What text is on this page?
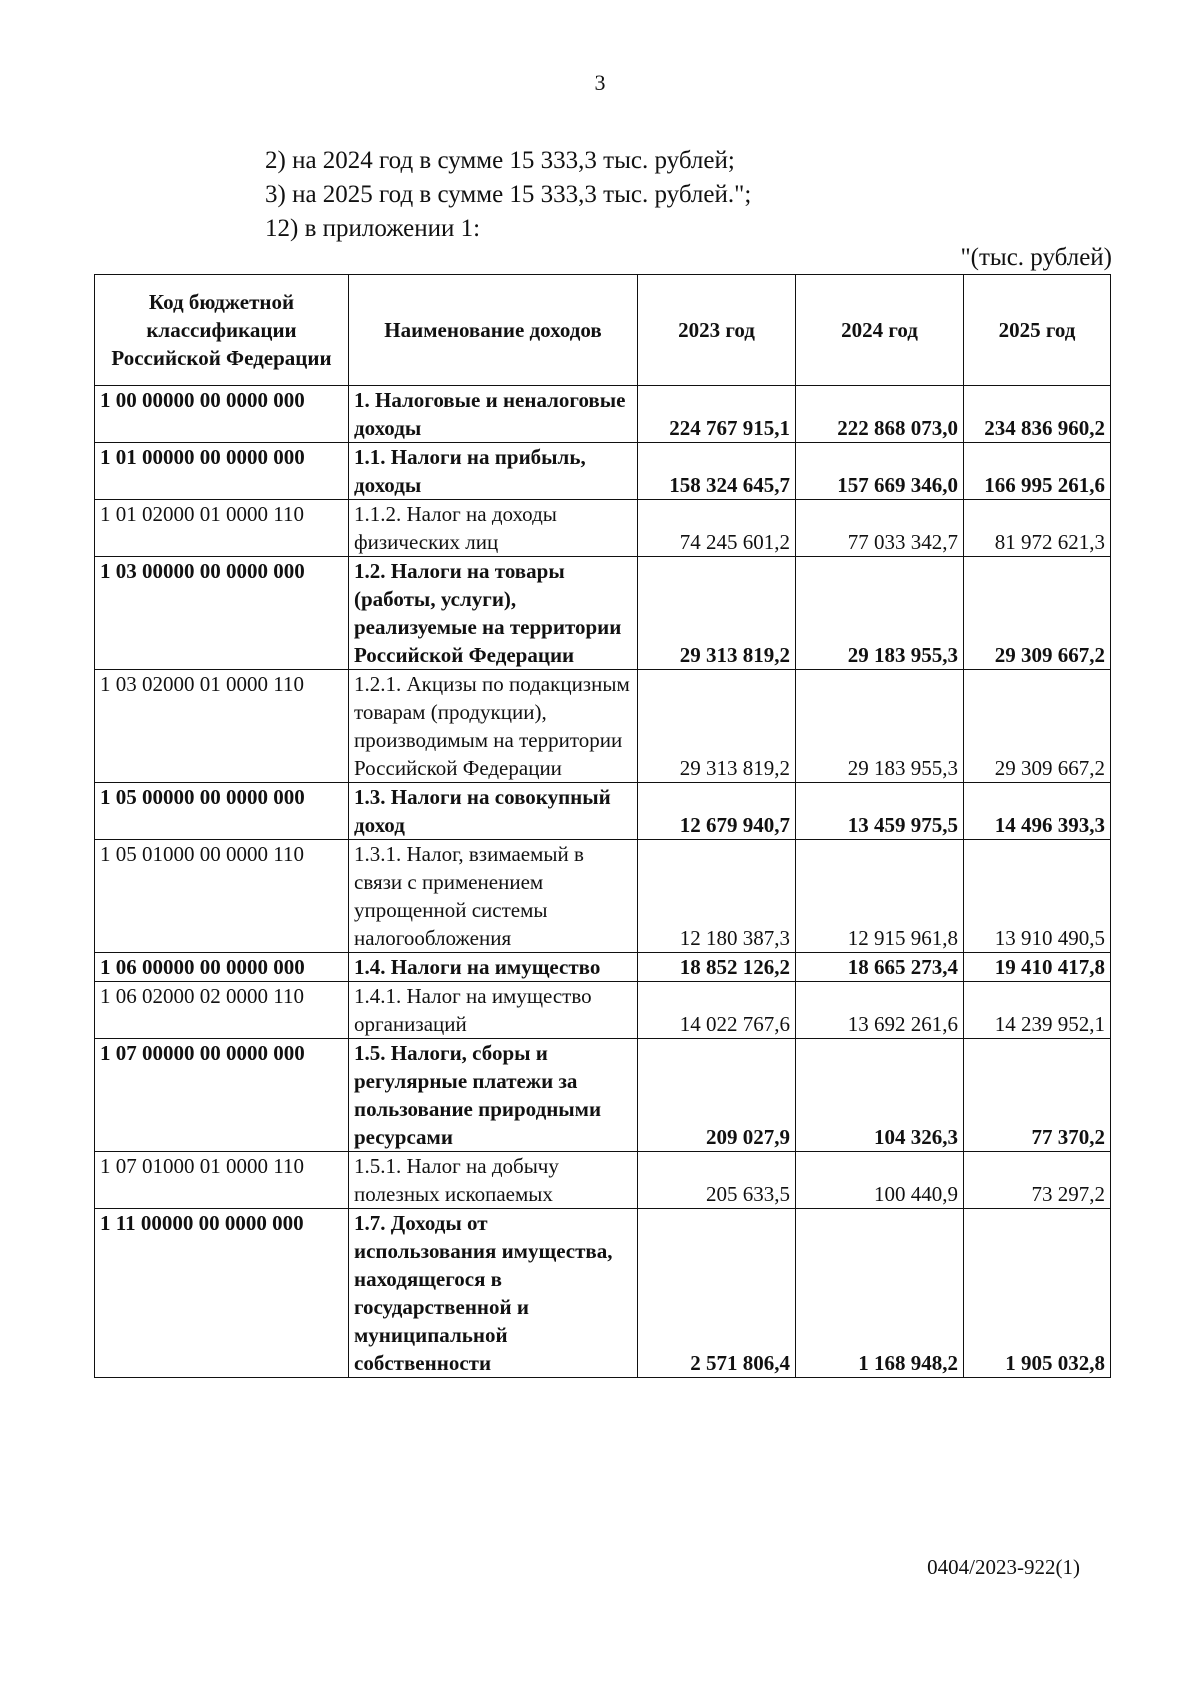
3
2) на 2024 год в сумме 15 333,3 тыс. рублей;
3) на 2025 год в сумме 15 333,3 тыс. рублей.";
12) в приложении 1:
"(тыс. рублей)
Код бюджетной классификации Российской Федерации	Наименование доходов	2023 год	2024 год	2025 год
1 00 00000 00 0000 000	1. Налоговые и неналоговые доходы	224 767 915,1	222 868 073,0	234 836 960,2
1 01 00000 00 0000 000	1.1. Налоги на прибыль, доходы	158 324 645,7	157 669 346,0	166 995 261,6
1 01 02000 01 0000 110	1.1.2. Налог на доходы физических лиц	74 245 601,2	77 033 342,7	81 972 621,3
1 03 00000 00 0000 000	1.2. Налоги на товары (работы, услуги), реализуемые на территории Российской Федерации	29 313 819,2	29 183 955,3	29 309 667,2
1 03 02000 01 0000 110	1.2.1. Акцизы по подакцизным товарам (продукции), производимым на территории Российской Федерации	29 313 819,2	29 183 955,3	29 309 667,2
1 05 00000 00 0000 000	1.3. Налоги на совокупный доход	12 679 940,7	13 459 975,5	14 496 393,3
1 05 01000 00 0000 110	1.3.1. Налог, взимаемый в связи с применением упрощенной системы налогообложения	12 180 387,3	12 915 961,8	13 910 490,5
1 06 00000 00 0000 000	1.4. Налоги на имущество	18 852 126,2	18 665 273,4	19 410 417,8
1 06 02000 02 0000 110	1.4.1. Налог на имущество организаций	14 022 767,6	13 692 261,6	14 239 952,1
1 07 00000 00 0000 000	1.5. Налоги, сборы и регулярные платежи за пользование природными ресурсами	209 027,9	104 326,3	77 370,2
1 07 01000 01 0000 110	1.5.1. Налог на добычу полезных ископаемых	205 633,5	100 440,9	73 297,2
1 11 00000 00 0000 000	1.7. Доходы от использования имущества, находящегося в государственной и муниципальной собственности	2 571 806,4	1 168 948,2	1 905 032,8
0404/2023-922(1)
